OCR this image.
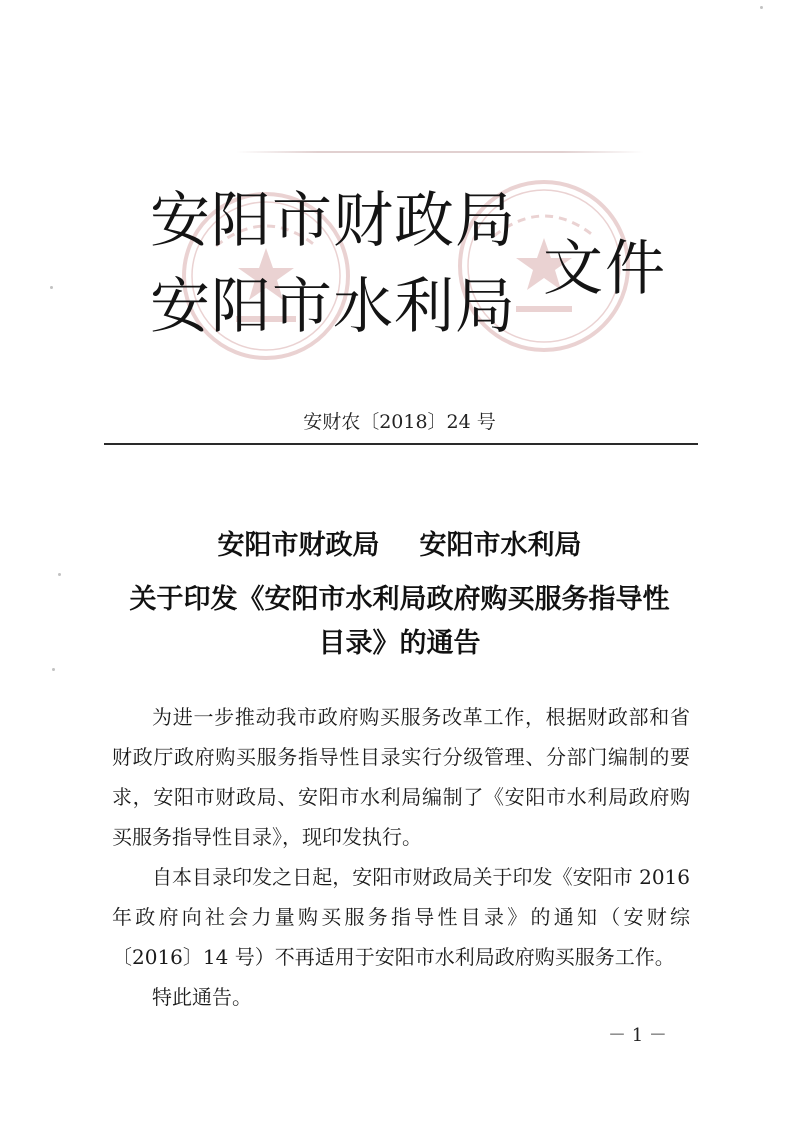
安阳市财政局
安阳市水利局
文件
安财农〔2018〕24 号
安阳市财政局 安阳市水利局
关于印发《安阳市水利局政府购买服务指导性
目录》的通告

为进一步推动我市政府购买服务改革工作，根据财政部和省财政厅政府购买服务指导性目录实行分级管理、分部门编制的要求，安阳市财政局、安阳市水利局编制了《安阳市水利局政府购买服务指导性目录》，现印发执行。

自本目录印发之日起，安阳市财政局关于印发《安阳市 2016 年政府向社会力量购买服务指导性目录》的通知（安财综〔2016〕14 号）不再适用于安阳市水利局政府购买服务工作。

特此通告。

－ 1 －
